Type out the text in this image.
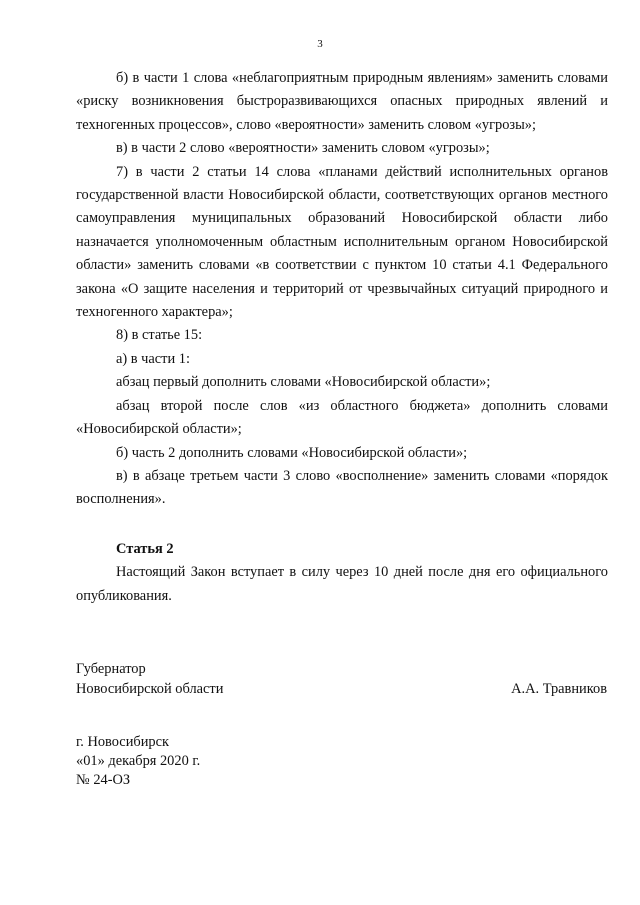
3

б) в части 1 слова «неблагоприятным природным явлениям» заменить словами «риску возникновения быстроразвивающихся опасных природных явлений и техногенных процессов», слово «вероятности» заменить словом «угрозы»;

в) в части 2 слово «вероятности» заменить словом «угрозы»;

7) в части 2 статьи 14 слова «планами действий исполнительных органов государственной власти Новосибирской области, соответствующих органов местного самоуправления муниципальных образований Новосибирской области либо назначается уполномоченным областным исполнительным органом Новосибирской области» заменить словами «в соответствии с пунктом 10 статьи 4.1 Федерального закона «О защите населения и территорий от чрезвычайных ситуаций природного и техногенного характера»;

8) в статье 15:

а) в части 1:

абзац первый дополнить словами «Новосибирской области»;

абзац второй после слов «из областного бюджета» дополнить словами «Новосибирской области»;

б) часть 2 дополнить словами «Новосибирской области»;

в) в абзаце третьем части 3 слово «восполнение» заменить словами «порядок восполнения».

Статья 2

Настоящий Закон вступает в силу через 10 дней после дня его официального опубликования.

Губернатор
Новосибирской области	А.А. Травников
г. Новосибирск
«01» декабря 2020 г.
№ 24-ОЗ
